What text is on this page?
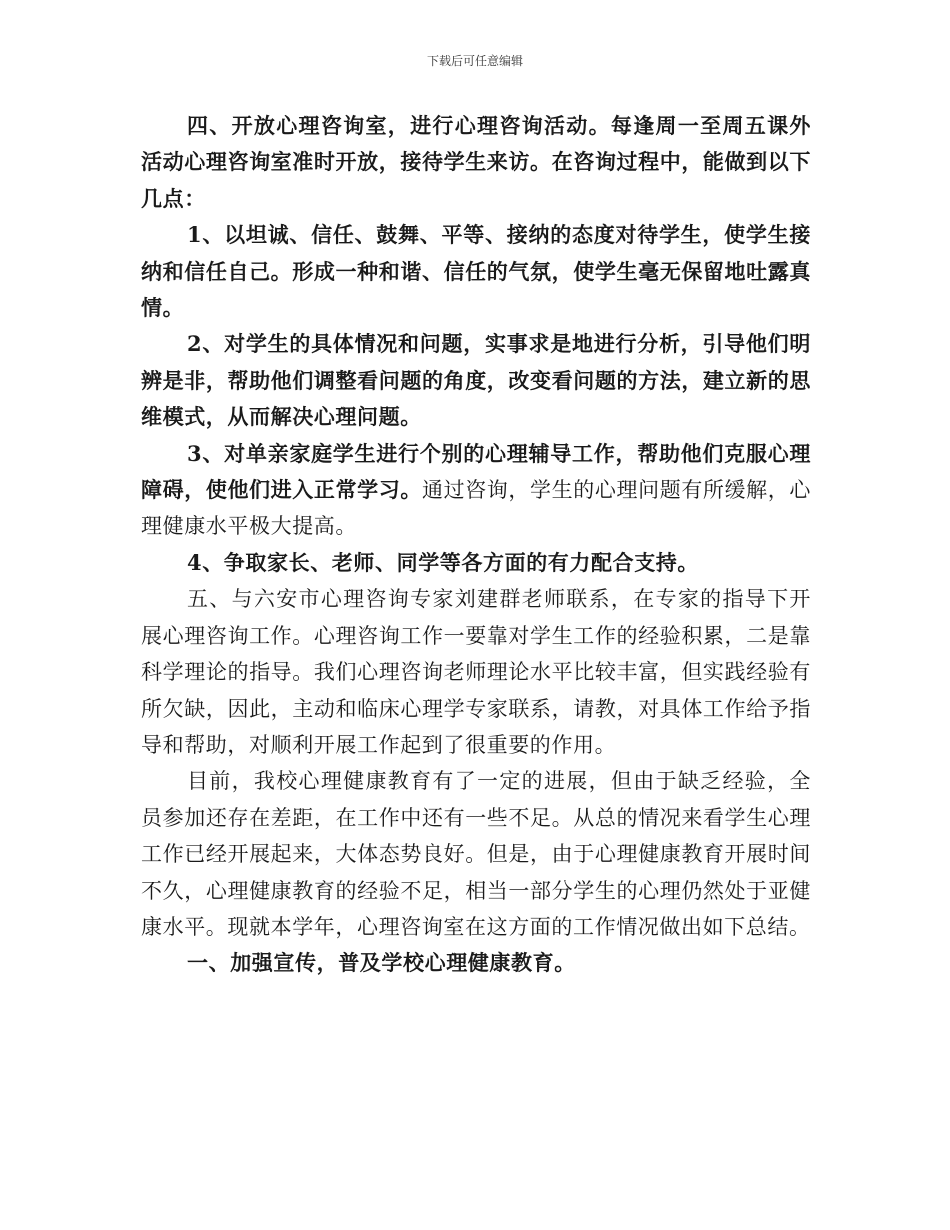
下载后可任意编辑

四、开放心理咨询室，进行心理咨询活动。每逢周一至周五课外活动心理咨询室准时开放，接待学生来访。在咨询过程中，能做到以下几点：

1、以坦诚、信任、鼓舞、平等、接纳的态度对待学生，使学生接纳和信任自己。形成一种和谐、信任的气氛，使学生毫无保留地吐露真情。

2、对学生的具体情况和问题，实事求是地进行分析，引导他们明辨是非，帮助他们调整看问题的角度，改变看问题的方法，建立新的思维模式，从而解决心理问题。

3、对单亲家庭学生进行个别的心理辅导工作，帮助他们克服心理障碍，使他们进入正常学习。通过咨询，学生的心理问题有所缓解，心理健康水平极大提高。

4、争取家长、老师、同学等各方面的有力配合支持。

五、与六安市心理咨询专家刘建群老师联系，在专家的指导下开展心理咨询工作。心理咨询工作一要靠对学生工作的经验积累，二是靠科学理论的指导。我们心理咨询老师理论水平比较丰富，但实践经验有所欠缺，因此，主动和临床心理学专家联系，请教，对具体工作给予指导和帮助，对顺利开展工作起到了很重要的作用。

目前，我校心理健康教育有了一定的进展，但由于缺乏经验，全员参加还存在差距，在工作中还有一些不足。从总的情况来看学生心理工作已经开展起来，大体态势良好。但是，由于心理健康教育开展时间不久，心理健康教育的经验不足，相当一部分学生的心理仍然处于亚健康水平。现就本学年，心理咨询室在这方面的工作情况做出如下总结。

一、加强宣传，普及学校心理健康教育。
